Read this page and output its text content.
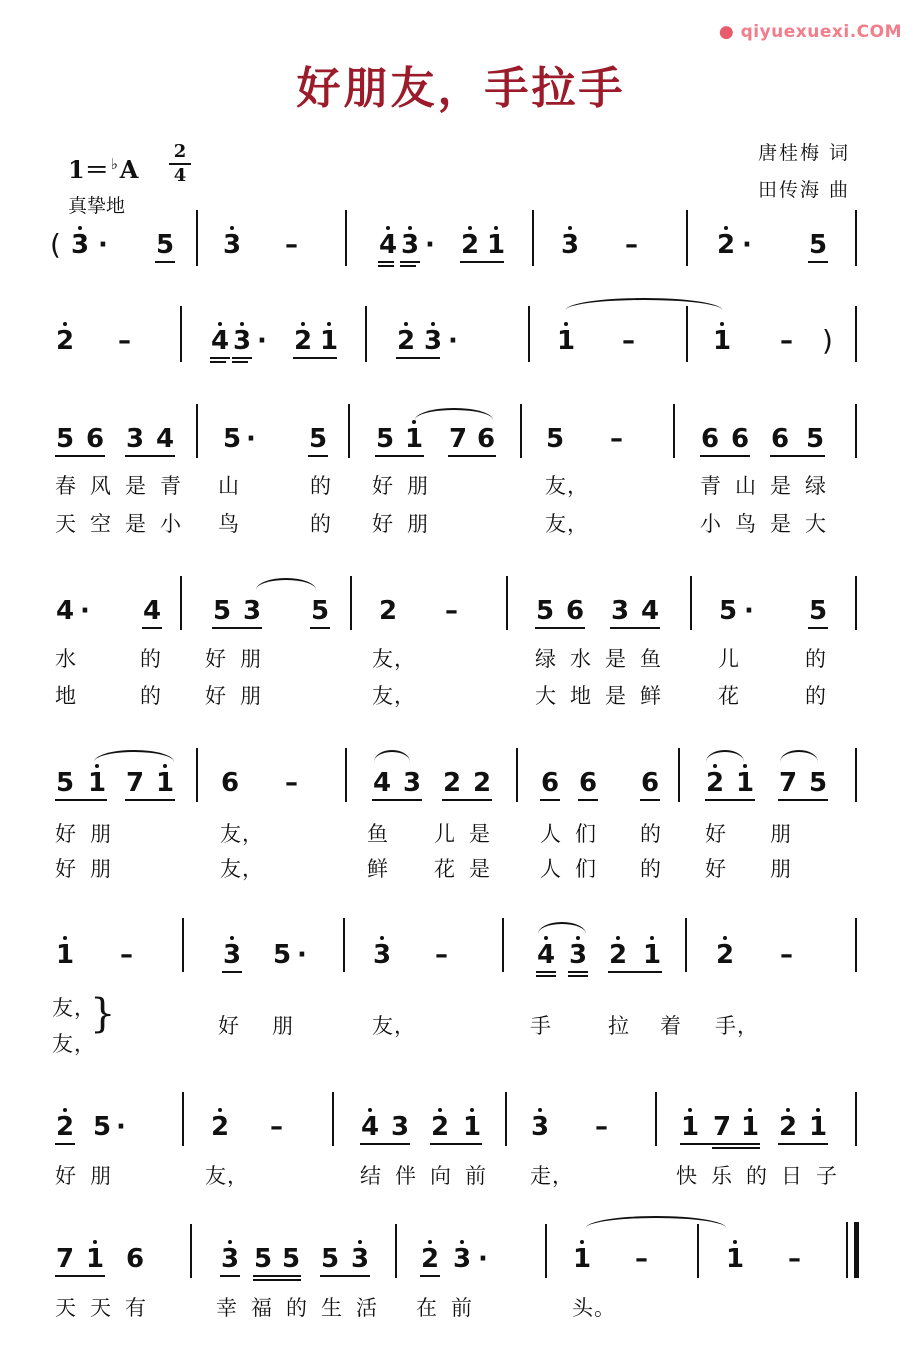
● qiyuexuexi.COM
好朋友，手拉手
1＝ ♭A
2
4
真挚地
唐桂梅 词
田传海 曲
( 3 · 5 3 –	4 3 · 2 1 3 –	2 · 5
2 –	4 3 · 2 1 2 3 ·	1 –	1 – )
5 6 3 4 5 · 5 5 1 7 6 5 –	6 6 6 5
春风是青 山	的 好朋	友，	青山是绿
天空是小 鸟	的 好朋	友，	小鸟是大
4 · 4 5 3 5 2 –	5 6 3 4 5 · 5
水	的 好朋	友，	绿水是鱼 儿	的
地	的 好朋	友，	大地是鲜 花	的
5 1 7 1 6 –	4 3 2 2 6 6 6 2 1 7 5
好朋	友，	鱼 儿是 人们 的 好 朋
好朋	友，	鲜 花是 人们 的 好 朋
1 –	3 5 ·	3 –	4 3 2 1 2 –
友，
友，
}	好 朋	友，	手	拉 着 手，
2 5 ·	2 –	4 3 2 1 3 –	1 7 1 2 1
好朋	友，	结伴向前 走，	快乐的日子
7 1 6	3 5 5 5 3 2 3 ·	1 –	1 –
天天有	幸福的生活 在前	头。
